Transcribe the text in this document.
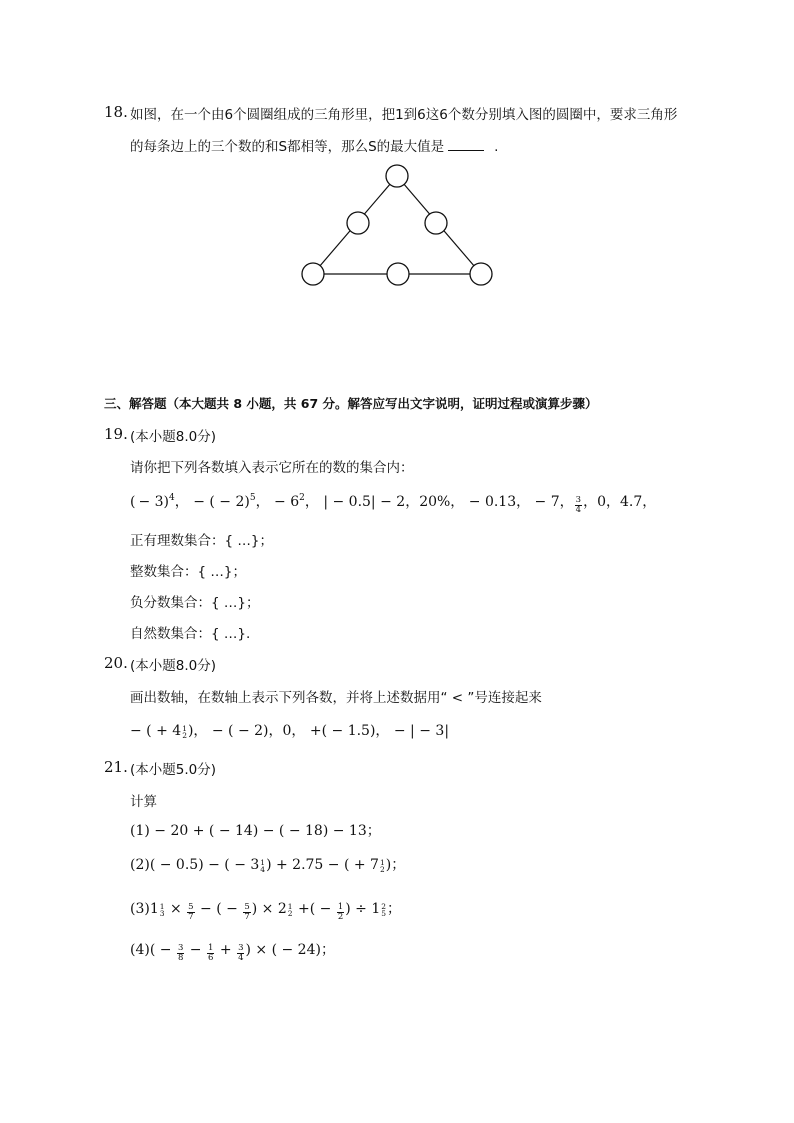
18. 如图，在一个由6个圆圈组成的三角形里，把1到6这6个数分别填入图的圆圈中，要求三角形
的每条边上的三个数的和S都相等，那么S的最大值是	.
三、解答题（本大题共 8 小题，共 67 分。解答应写出文字说明，证明过程或演算步骤）
19. (本小题8.0分)
请你把下列各数填入表示它所在的数的集合内：
( − 3)$^4$， − ( − 2)$^5$， − $6^2$， | − 0.5| − 2，20%， − 0.13， − 7， $\frac{3}{4}$ ，0，4.7，
正有理数集合：{ …}；
整数集合：{ …}；
负分数集合：{ …}；
自然数集合：{ …}.
20. (本小题8.0分)
画出数轴，在数轴上表示下列各数，并将上述数据用“ < ”号连接起来
− ( + 4 1
2 )， − ( − 2)，0， +( − 1.5)， − | − 3|
21. (本小题5.0分)
计算
(1) − 20 + ( − 14) − ( − 18) − 13；
(2)( − 0.5) − ( − 3 1
4 ) + 2.75 − ( + 7 1
2 )；
(3)1 1
$3 \times \frac{5}{7}$ − ( − $\frac{5}{7}$ ) × 2 1
2 +( − $\frac{1}{2}$ ) ÷ 1 2
5 ；
$(4)( - \frac{3}{8} - \frac{1}{6} + \frac{3}{4}$ ) × ( − 24)；
